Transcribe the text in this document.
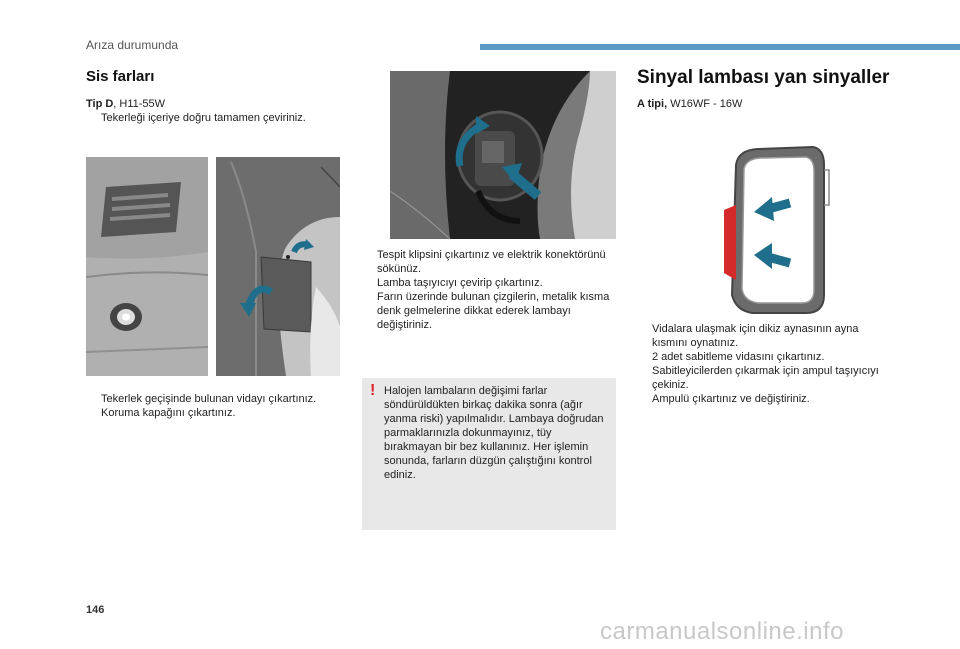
Arıza durumunda
Sis farları
Tip D, H11-55W
Tekerleği içeriye doğru tamamen çeviriniz.
Tekerlek geçişinde bulunan vidayı çıkartınız.
Koruma kapağını çıkartınız.
Tespit klipsini çıkartınız ve elektrik konektörünü sökünüz.
Lamba taşıyıcıyı çevirip çıkartınız.
Farın üzerinde bulunan çizgilerin, metalik kısma denk gelmelerine dikkat ederek lambayı değiştiriniz.
! Halojen lambaların değişimi farlar söndürüldükten birkaç dakika sonra (ağır yanma riski) yapılmalıdır. Lambaya doğrudan parmaklarınızla dokunmayınız, tüy bırakmayan bir bez kullanınız. Her işlemin sonunda, farların düzgün çalıştığını kontrol ediniz.
Sinyal lambası yan sinyaller
A tipi, W16WF - 16W
Vidalara ulaşmak için dikiz aynasının ayna kısmını oynatınız.
2 adet sabitleme vidasını çıkartınız.
Sabitleyicilerden çıkarmak için ampul taşıyıcıyı çekiniz.
Ampulü çıkartınız ve değiştiriniz.
146
carmanualsonline.info
